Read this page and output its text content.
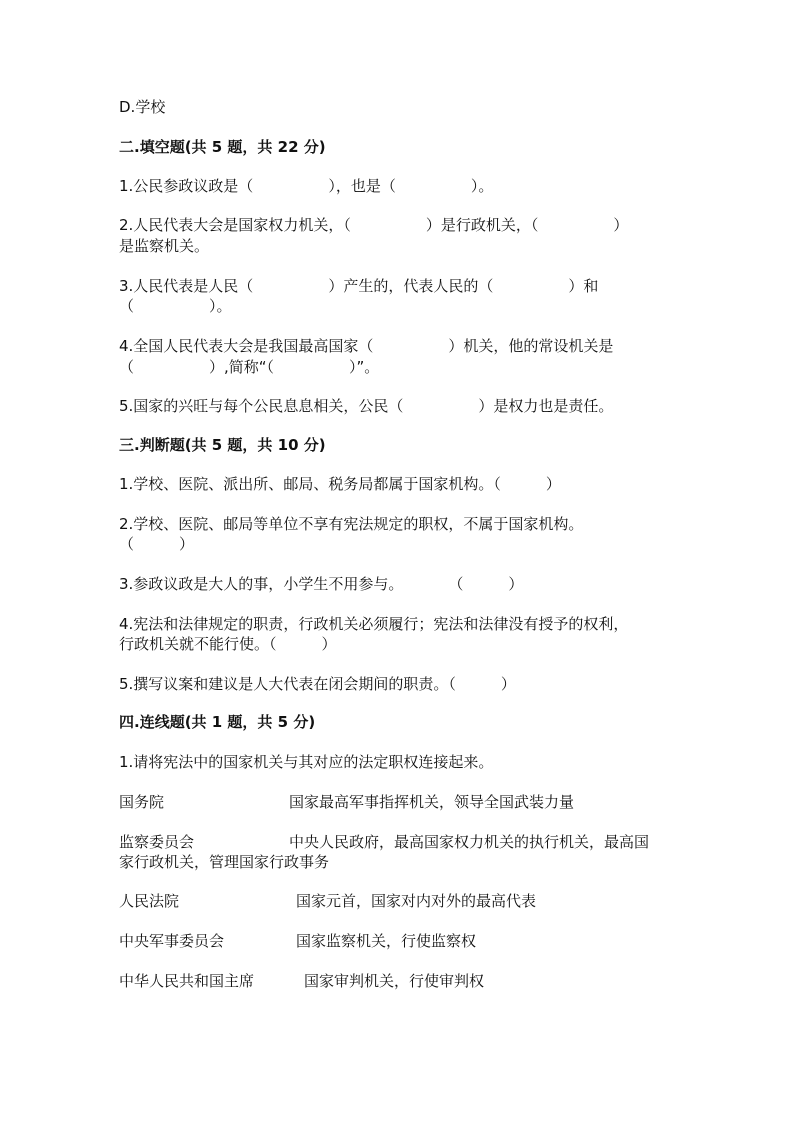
D.学校
二.填空题(共 5 题，共 22 分)
1.公民参政议政是（　　　　　），也是（　　　　　）。
2.人民代表大会是国家权力机关，（　　　　　）是行政机关，（　　　　　）
是监察机关。
3.人民代表是人民（　　　　　）产生的，代表人民的（　　　　　）和
（　　　　　）。
4.全国人民代表大会是我国最高国家（　　　　　）机关，他的常设机关是
（　　　　　）,简称“（　　　　　）”。
5.国家的兴旺与每个公民息息相关，公民（　　　　　）是权力也是责任。
三.判断题(共 5 题，共 10 分)
1.学校、医院、派出所、邮局、税务局都属于国家机构。（　　　）
2.学校、医院、邮局等单位不享有宪法规定的职权，不属于国家机构。
（　　　）
3.参政议政是大人的事，小学生不用参与。　　　　（　　　）
4.宪法和法律规定的职责，行政机关必须履行；宪法和法律没有授予的权利，
行政机关就不能行使。（　　　）
5.撰写议案和建议是人大代表在闭会期间的职责。（　　　）
四.连线题(共 1 题，共 5 分)
1.请将宪法中的国家机关与其对应的法定职权连接起来。
国务院	国家最高军事指挥机关，领导全国武装力量
监察委员会	中央人民政府，最高国家权力机关的执行机关，最高国
家行政机关，管理国家行政事务
人民法院	国家元首，国家对内对外的最高代表
中央军事委员会	国家监察机关，行使监察权
中华人民共和国主席	国家审判机关，行使审判权
